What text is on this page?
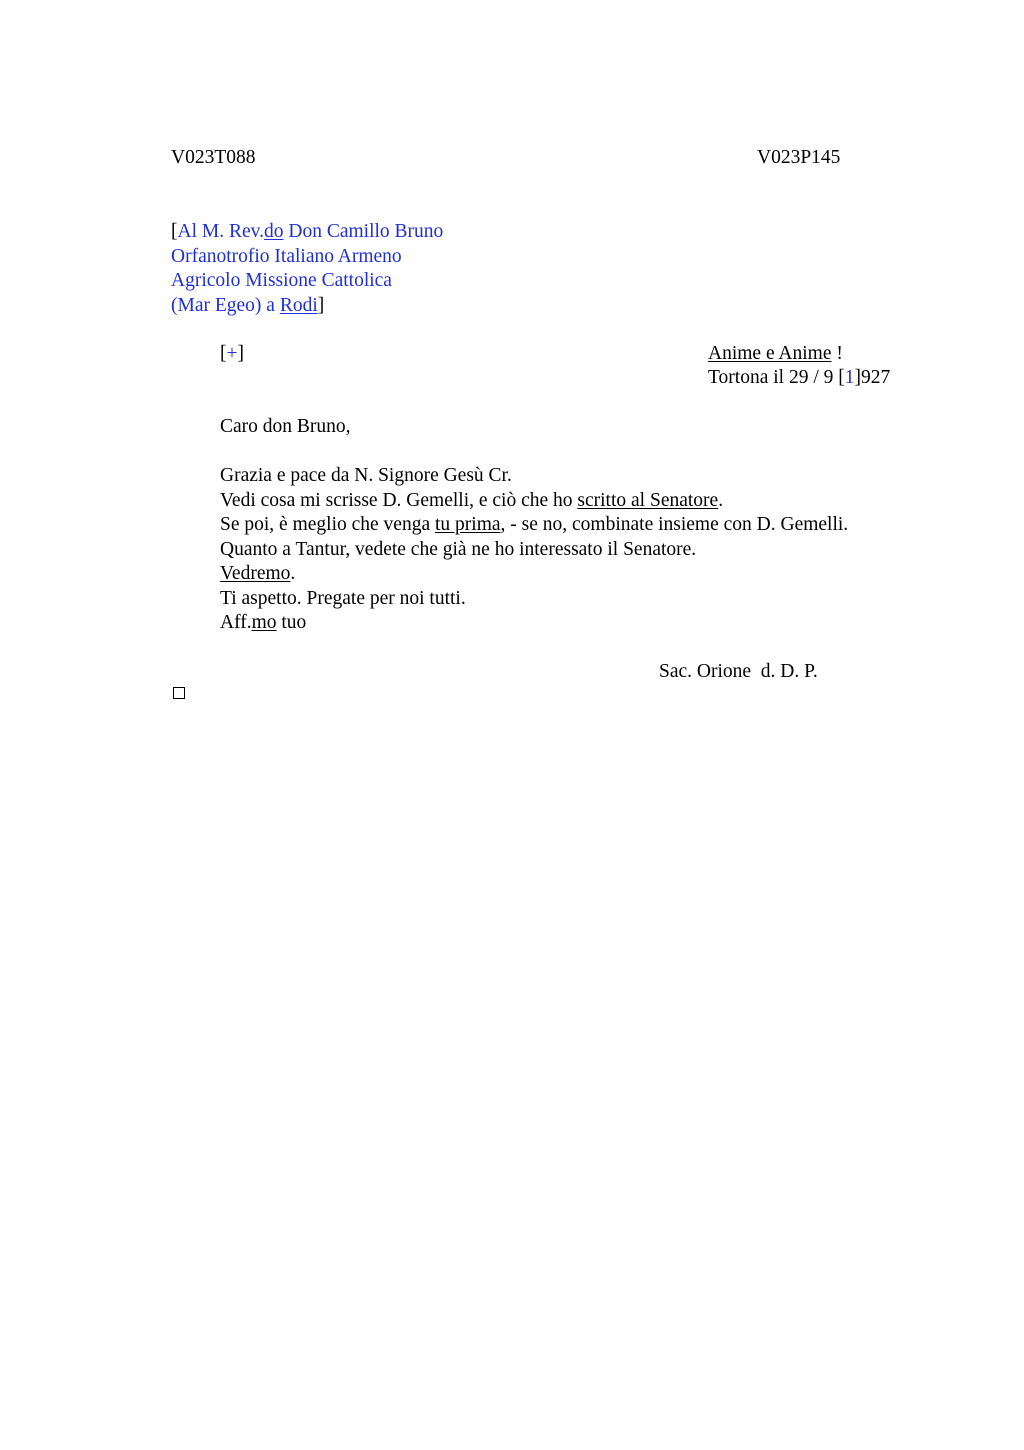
V023T088	V023P145
[Al M. Rev.do Don Camillo Bruno
Orfanotrofio Italiano Armeno
Agricolo Missione Cattolica
(Mar Egeo) a Rodi]
[+]	Anime e Anime !
Tortona il 29 / 9 [1]927
Caro don Bruno,
Grazia e pace da N. Signore Gesù Cr.
Vedi cosa mi scrisse D. Gemelli, e ciò che ho scritto al Senatore.
Se poi, è meglio che venga tu prima, - se no, combinate insieme con D. Gemelli.
Quanto a Tantur, vedete che già ne ho interessato il Senatore.
Vedremo.
Ti aspetto. Pregate per noi tutti.
Aff.mo tuo
Sac. Orione  d. D. P.
